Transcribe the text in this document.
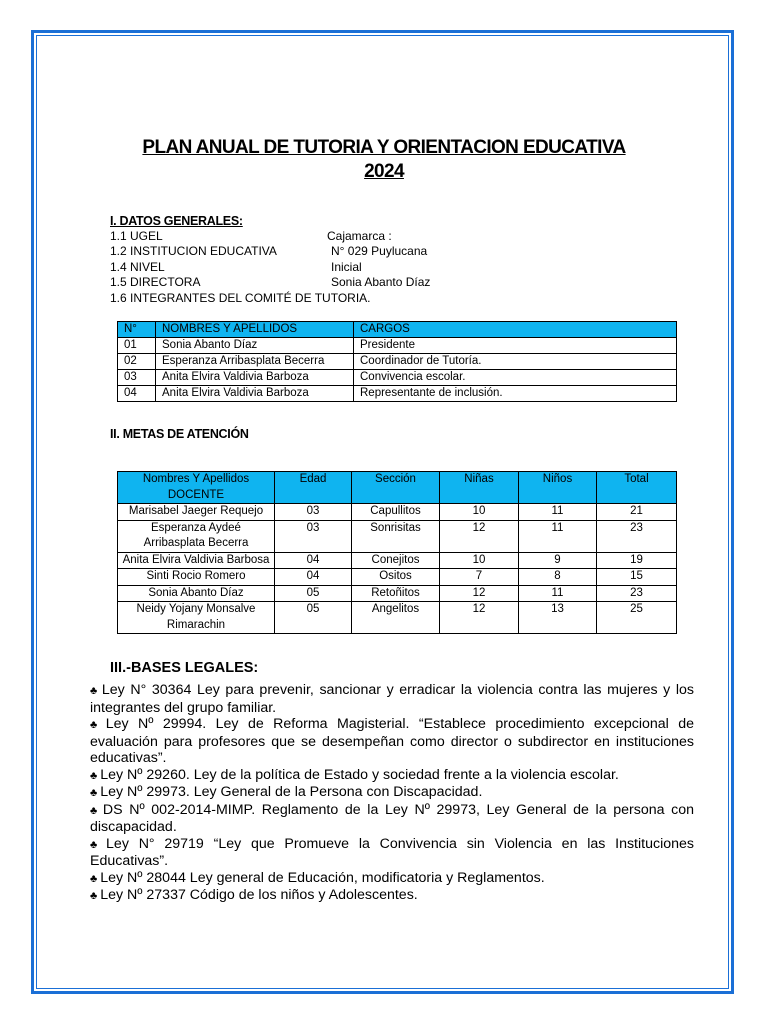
PLAN ANUAL DE TUTORIA Y ORIENTACION EDUCATIVA
2024
I. DATOS GENERALES:
1.1 UGEL	Cajamarca :
1.2 INSTITUCION EDUCATIVA	N° 029 Puylucana
1.4 NIVEL	Inicial
1.5 DIRECTORA	Sonia Abanto Díaz
1.6 INTEGRANTES DEL COMITÉ DE TUTORIA.
N°	NOMBRES Y APELLIDOS	CARGOS
01	Sonia Abanto Díaz	Presidente
02	Esperanza Arribasplata Becerra	Coordinador de Tutoría.
03	Anita Elvira Valdivia Barboza	Convivencia escolar.
04	Anita Elvira Valdivia Barboza	Representante de inclusión.
II. METAS DE ATENCIÓN
Nombres Y Apellidos DOCENTE	Edad	Sección	Niñas	Niños	Total
Marisabel Jaeger Requejo	03	Capullitos	10	11	21
Esperanza Aydeé Arribasplata Becerra	03	Sonrisitas	12	11	23
Anita Elvira Valdivia Barbosa	04	Conejitos	10	9	19
Sinti Rocio Romero	04	Ositos	7	8	15
Sonia Abanto Díaz	05	Retoñitos	12	11	23
Neidy Yojany Monsalve Rimarachin	05	Angelitos	12	13	25
III.-BASES LEGALES:

♣ Ley N° 30364 Ley para prevenir, sancionar y erradicar la violencia contra las mujeres y los integrantes del grupo familiar.

♣ Ley Nº 29994. Ley de Reforma Magisterial. “Establece procedimiento excepcional de evaluación para profesores que se desempeñan como director o subdirector en instituciones educativas”.

♣ Ley Nº 29260. Ley de la política de Estado y sociedad frente a la violencia escolar.

♣ Ley Nº 29973. Ley General de la Persona con Discapacidad.

♣ DS Nº 002-2014-MIMP. Reglamento de la Ley Nº 29973, Ley General de la persona con discapacidad.

♣ Ley N° 29719 “Ley que Promueve la Convivencia sin Violencia en las Instituciones Educativas”.

♣ Ley Nº 28044 Ley general de Educación, modificatoria y Reglamentos.

♣ Ley Nº 27337 Código de los niños y Adolescentes.
